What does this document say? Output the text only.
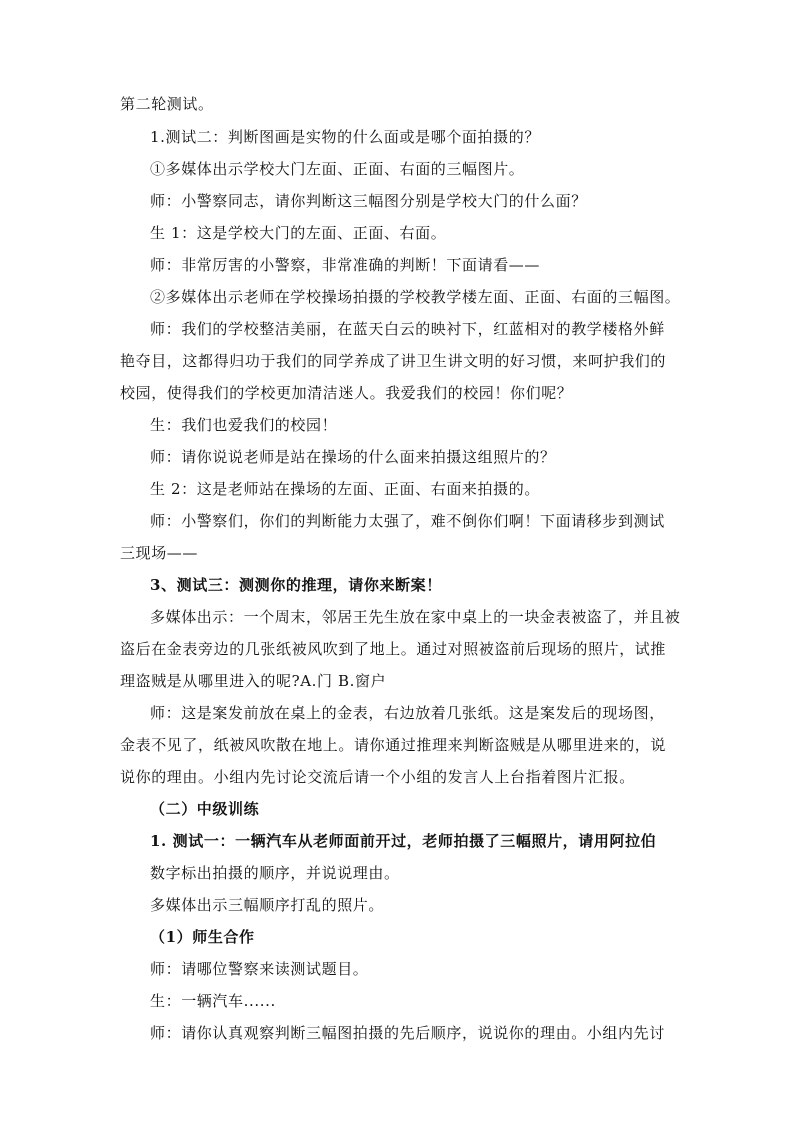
第二轮测试。
1.测试二：判断图画是实物的什么面或是哪个面拍摄的？
①多媒体出示学校大门左面、正面、右面的三幅图片。
师：小警察同志，请你判断这三幅图分别是学校大门的什么面？
生 1：这是学校大门的左面、正面、右面。
师：非常厉害的小警察，非常准确的判断！下面请看——
②多媒体出示老师在学校操场拍摄的学校教学楼左面、正面、右面的三幅图。
师：我们的学校整洁美丽，在蓝天白云的映衬下，红蓝相对的教学楼格外鲜
艳夺目，这都得归功于我们的同学养成了讲卫生讲文明的好习惯，来呵护我们的
校园，使得我们的学校更加清洁迷人。我爱我们的校园！你们呢？
生：我们也爱我们的校园！
师：请你说说老师是站在操场的什么面来拍摄这组照片的？
生 2：这是老师站在操场的左面、正面、右面来拍摄的。
师：小警察们，你们的判断能力太强了，难不倒你们啊！下面请移步到测试
三现场——
3、测试三：测测你的推理，请你来断案！
多媒体出示：一个周末，邻居王先生放在家中桌上的一块金表被盗了，并且被
盗后在金表旁边的几张纸被风吹到了地上。通过对照被盗前后现场的照片，试推
理盗贼是从哪里进入的呢?A.门 B.窗户
师：这是案发前放在桌上的金表，右边放着几张纸。这是案发后的现场图，
金表不见了，纸被风吹散在地上。请你通过推理来判断盗贼是从哪里进来的，说
说你的理由。小组内先讨论交流后请一个小组的发言人上台指着图片汇报。
（二）中级训练
1. 测试一：一辆汽车从老师面前开过，老师拍摄了三幅照片，请用阿拉伯
数字标出拍摄的顺序，并说说理由。
多媒体出示三幅顺序打乱的照片。
（1）师生合作
师：请哪位警察来读测试题目。
生：一辆汽车......
师：请你认真观察判断三幅图拍摄的先后顺序，说说你的理由。小组内先讨
